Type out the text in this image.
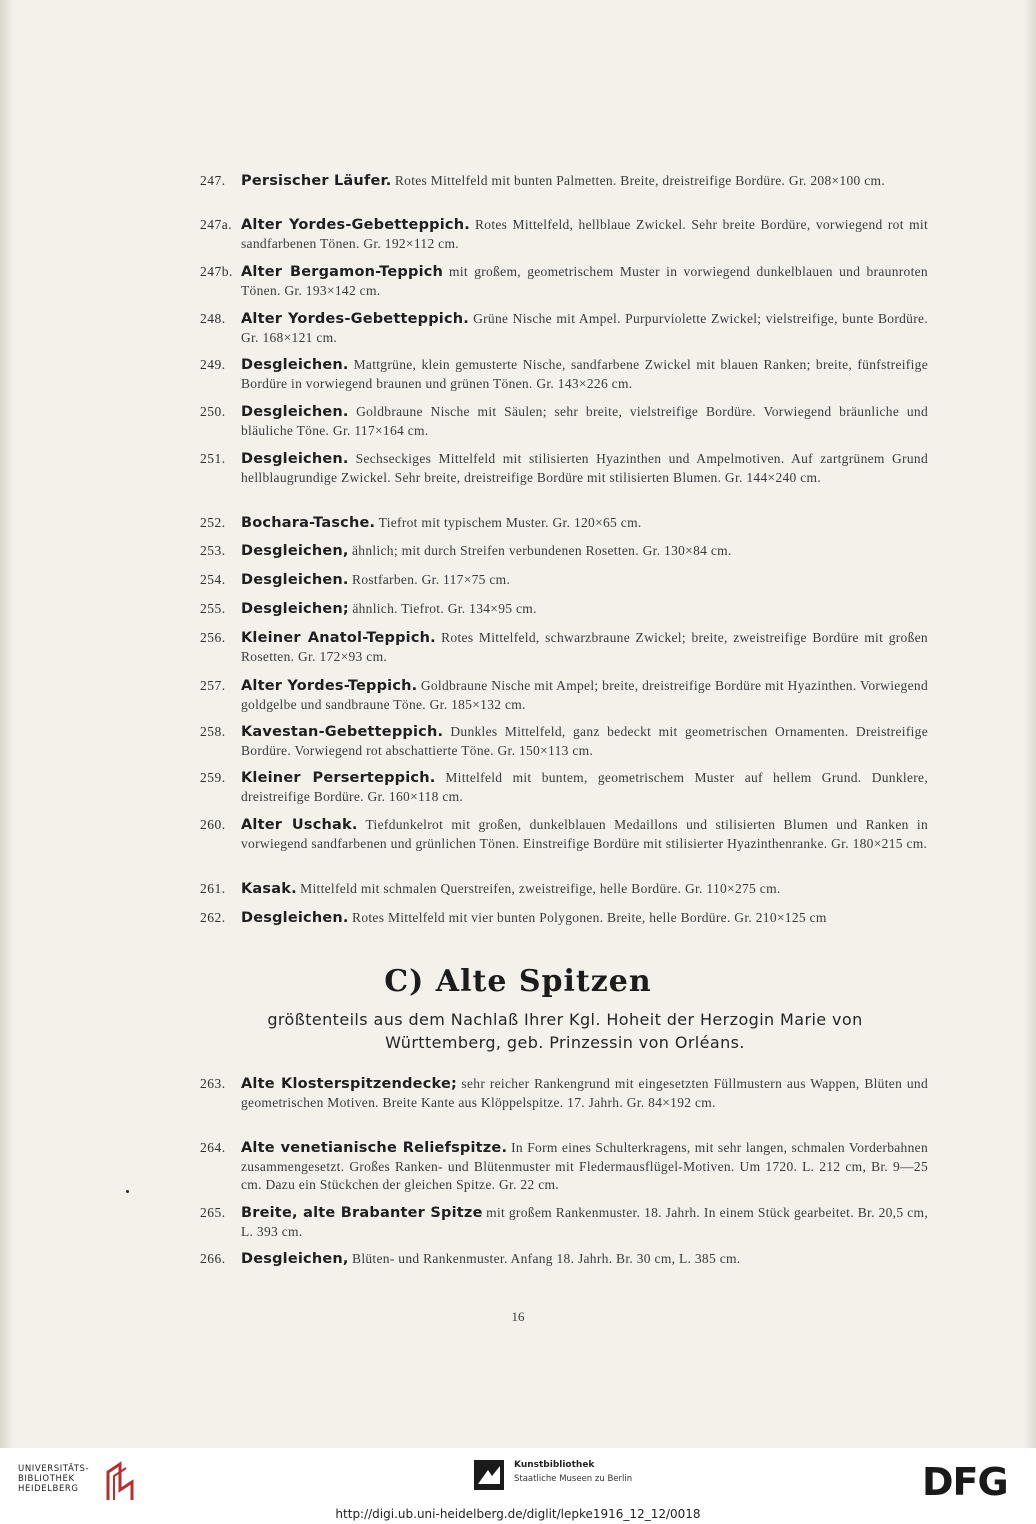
247. Persischer Läufer. Rotes Mittelfeld mit bunten Palmetten. Breite, dreistreifige Bordüre. Gr. 208×100 cm.
247a. Alter Yordes-Gebetteppich. Rotes Mittelfeld, hellblaue Zwickel. Sehr breite Bordüre, vorwiegend rot mit sandfarbenen Tönen. Gr. 192×112 cm.
247b. Alter Bergamon-Teppich mit großem, geometrischem Muster in vorwiegend dunkelblauen und braunroten Tönen. Gr. 193×142 cm.
248. Alter Yordes-Gebetteppich. Grüne Nische mit Ampel. Purpurviolette Zwickel; vielstreifige, bunte Bordüre. Gr. 168×121 cm.
249. Desgleichen. Mattgrüne, klein gemusterte Nische, sandfarbene Zwickel mit blauen Ranken; breite, fünfstreifige Bordüre in vorwiegend braunen und grünen Tönen. Gr. 143×226 cm.
250. Desgleichen. Goldbraune Nische mit Säulen; sehr breite, vielstreifige Bordüre. Vorwiegend bräunliche und bläuliche Töne. Gr. 117×164 cm.
251. Desgleichen. Sechseckiges Mittelfeld mit stilisierten Hyazinthen und Ampelmotiven. Auf zartgrünem Grund hellblaugrundige Zwickel. Sehr breite, dreistreifige Bordüre mit stilisierten Blumen. Gr. 144×240 cm.
252. Bochara-Tasche. Tiefrot mit typischem Muster. Gr. 120×65 cm.
253. Desgleichen, ähnlich; mit durch Streifen verbundenen Rosetten. Gr. 130×84 cm.
254. Desgleichen. Rostfarben. Gr. 117×75 cm.
255. Desgleichen; ähnlich. Tiefrot. Gr. 134×95 cm.
256. Kleiner Anatol-Teppich. Rotes Mittelfeld, schwarzbraune Zwickel; breite, zweistreifige Bordüre mit großen Rosetten. Gr. 172×93 cm.
257. Alter Yordes-Teppich. Goldbraune Nische mit Ampel; breite, dreistreifige Bordüre mit Hyazinthen. Vorwiegend goldgelbe und sandbraune Töne. Gr. 185×132 cm.
258. Kavestan-Gebetteppich. Dunkles Mittelfeld, ganz bedeckt mit geometrischen Ornamenten. Dreistreifige Bordüre. Vorwiegend rot abschattierte Töne. Gr. 150×113 cm.
259. Kleiner Perserteppich. Mittelfeld mit buntem, geometrischem Muster auf hellem Grund. Dunklere, dreistreifige Bordüre. Gr. 160×118 cm.
260. Alter Uschak. Tiefdunkelrot mit großen, dunkelblauen Medaillons und stilisierten Blumen und Ranken in vorwiegend sandfarbenen und grünlichen Tönen. Einstreifige Bordüre mit stilisierter Hyazinthenranke. Gr. 180×215 cm.
261. Kasak. Mittelfeld mit schmalen Querstreifen, zweistreifige, helle Bordüre. Gr. 110×275 cm.
262. Desgleichen. Rotes Mittelfeld mit vier bunten Polygonen. Breite, helle Bordüre. Gr. 210×125 cm
C) Alte Spitzen
größtenteils aus dem Nachlaß Ihrer Kgl. Hoheit der Herzogin Marie von
Württemberg, geb. Prinzessin von Orléans.
263. Alte Klosterspitzendecke; sehr reicher Rankengrund mit eingesetzten Füllmustern aus Wappen, Blüten und geometrischen Motiven. Breite Kante aus Klöppelspitze. 17. Jahrh. Gr. 84×192 cm.
264. Alte venetianische Reliefspitze. In Form eines Schulterkragens, mit sehr langen, schmalen Vorderbahnen zusammengesetzt. Großes Ranken- und Blütenmuster mit Fledermausflügel-Motiven. Um 1720. L. 212 cm, Br. 9—25 cm. Dazu ein Stückchen der gleichen Spitze. Gr. 22 cm.
265. Breite, alte Brabanter Spitze mit großem Rankenmuster. 18. Jahrh. In einem Stück gearbeitet. Br. 20,5 cm, L. 393 cm.
266. Desgleichen, Blüten- und Rankenmuster. Anfang 18. Jahrh. Br. 30 cm, L. 385 cm.
16
UNIVERSITÄTS-
BIBLIOTHEK
HEIDELBERG
Kunstbibliothek
Staatliche Museen zu Berlin	DFG
http://digi.ub.uni-heidelberg.de/diglit/lepke1916_12_12/0018
